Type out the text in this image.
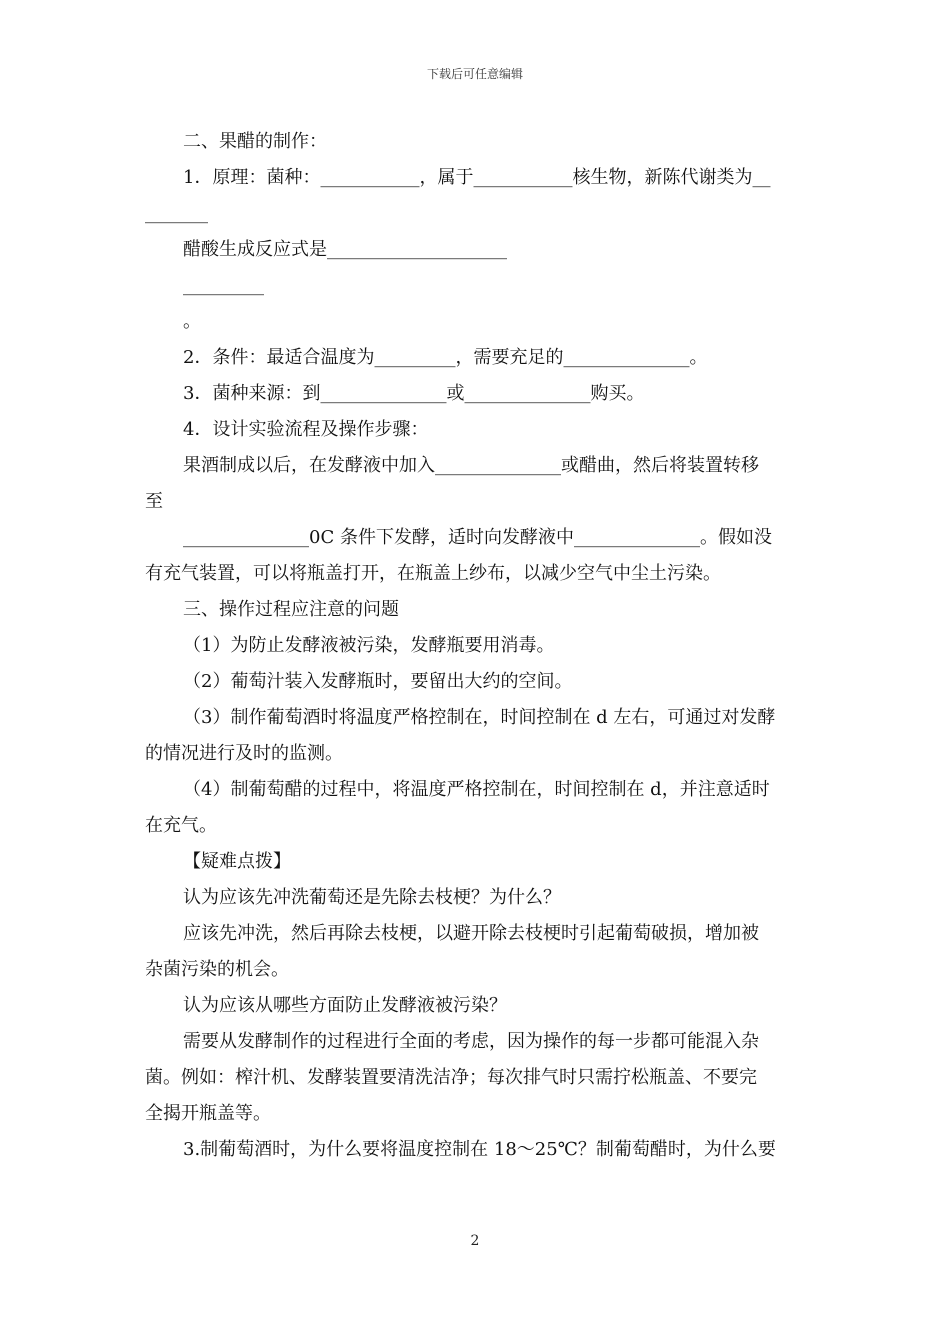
下载后可任意编辑
二、果醋的制作：
1．原理：菌种：___________，属于___________核生物，新陈代谢类为__
_______
醋酸生成反应式是____________________
_________
。
2．条件：最适合温度为_________，需要充足的______________。
3．菌种来源：到______________或______________购买。
4．设计实验流程及操作步骤：
果酒制成以后，在发酵液中加入______________或醋曲，然后将装置转移
至
______________0C 条件下发酵，适时向发酵液中______________。假如没
有充气装置，可以将瓶盖打开，在瓶盖上纱布，以减少空气中尘土污染。
三、操作过程应注意的问题
（1）为防止发酵液被污染，发酵瓶要用消毒。
（2）葡萄汁装入发酵瓶时，要留出大约的空间。
（3）制作葡萄酒时将温度严格控制在，时间控制在 d 左右，可通过对发酵
的情况进行及时的监测。
（4）制葡萄醋的过程中，将温度严格控制在，时间控制在 d，并注意适时
在充气。
【疑难点拨】
认为应该先冲洗葡萄还是先除去枝梗？为什么？
应该先冲洗，然后再除去枝梗，以避开除去枝梗时引起葡萄破损，增加被
杂菌污染的机会。
认为应该从哪些方面防止发酵液被污染？
需要从发酵制作的过程进行全面的考虑，因为操作的每一步都可能混入杂
菌。例如：榨汁机、发酵装置要清洗洁净；每次排气时只需拧松瓶盖、不要完
全揭开瓶盖等。
3.制葡萄酒时，为什么要将温度控制在 18～25℃？制葡萄醋时，为什么要
2
